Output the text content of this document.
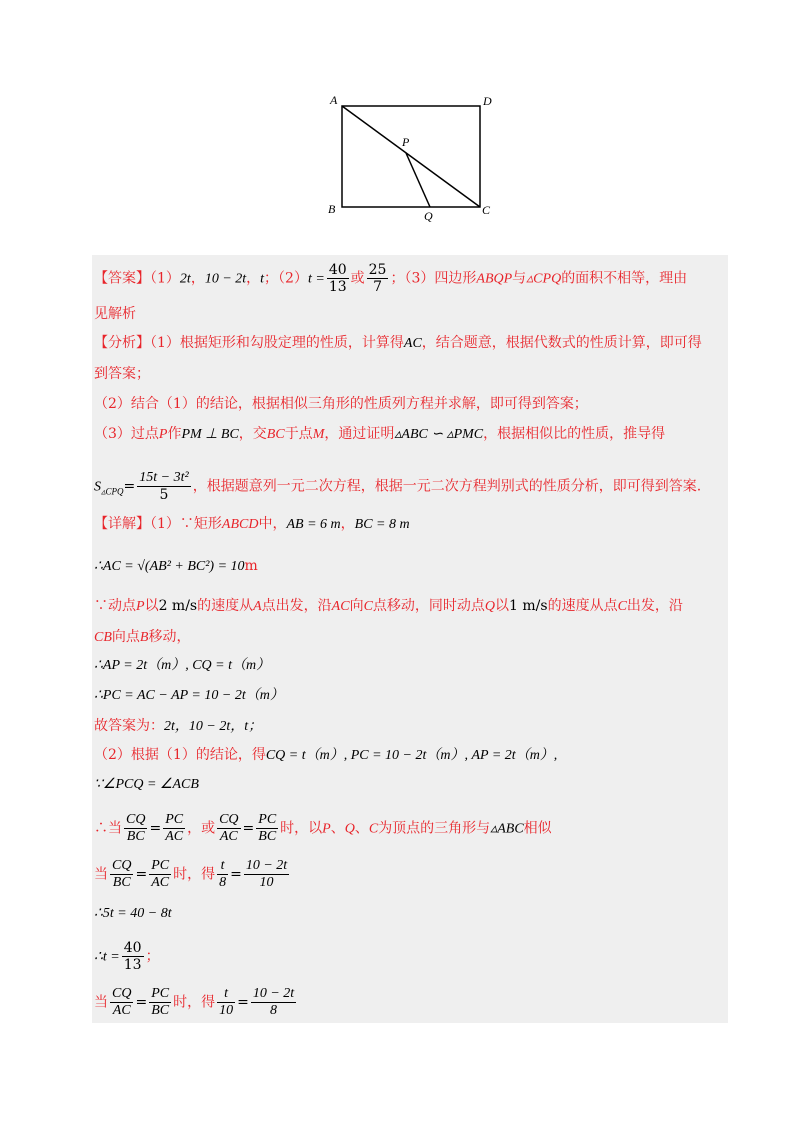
A	D
B	C
P
Q
【答案】（1）2t，10 − 2t，t；$(2)t = \frac{40}{13}$ 或 $\frac{25}{7}$ ；（3）四边形ABQP与▵CPQ的面积不相等，理由
见解析
【分析】（1）根据矩形和勾股定理的性质，计算得AC，结合题意，根据代数式的性质计算，即可得
到答案；
（2）结合（1）的结论，根据相似三角形的性质列方程并求解，即可得到答案；
（3）过点P作PM ⊥ BC，交BC于点M，通过证明▵ABC ∽ ▵PMC，根据相似比的性质，推导得
$S_{▵CPQ}= \frac{\text{15t − 3t²}}{5}$ ，根据题意列一元二次方程，根据一元二次方程判别式的性质分析，即可得到答案.
【详解】（1）∵矩形ABCD中，AB = 6 m，BC = 8 m
∴AC = √(AB² + BC²) = 10m
∵动点P以2 m/s的速度从A点出发，沿AC向C点移动，同时动点Q以1 m/s的速度从点C出发，沿
CB向点B移动，
∴AP = 2t（m）, CQ = t（m）
∴PC = AC − AP = 10 − 2t（m）
故答案为：2t，10 − 2t，t；
（2）根据（1）的结论，得CQ = t（m）, PC = 10 − 2t（m）, AP = 2t（m）,
∵∠PCQ = ∠ACB
∴当 $\frac{CQ}{BC} = \frac{PC}{AC}$ ，或 $\frac{CQ}{AC} = \frac{PC}{BC}$ 时，以P、Q、C为顶点的三角形与▵ABC相似
当 $\frac{CQ}{BC} = \frac{PC}{AC}$ 时，得 $\frac{t}{8} = \frac{10 - 2t}{10}$
∴5t = 40 − 8t
∴t = $\frac{40}{13}$ ；
当 $\frac{CQ}{AC} = \frac{PC}{BC}$ 时，得 $\frac{t}{10} = \frac{10 - 2t}{8}$
